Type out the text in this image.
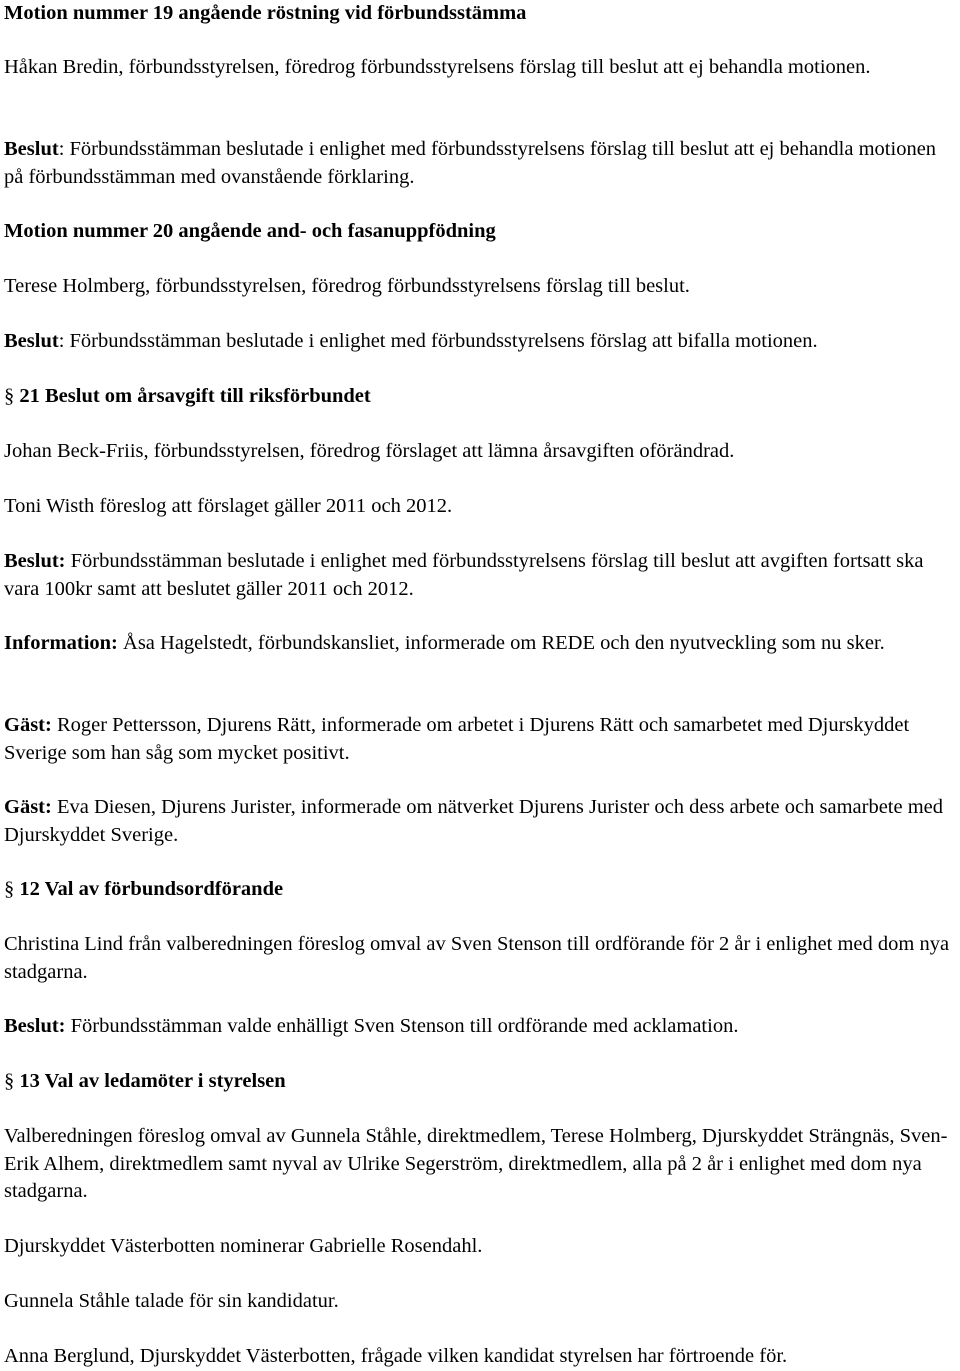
Motion nummer 19 angående röstning vid förbundsstämma

Håkan Bredin, förbundsstyrelsen, föredrog förbundsstyrelsens förslag till beslut att ej behandla motionen.

Beslut: Förbundsstämman beslutade i enlighet med förbundsstyrelsens förslag till beslut att ej behandla motionen på förbundsstämman med ovanstående förklaring.

Motion nummer 20 angående and- och fasanuppfödning

Terese Holmberg, förbundsstyrelsen, föredrog förbundsstyrelsens förslag till beslut.

Beslut: Förbundsstämman beslutade i enlighet med förbundsstyrelsens förslag att bifalla motionen.

§ 21 Beslut om årsavgift till riksförbundet

Johan Beck-Friis, förbundsstyrelsen, föredrog förslaget att lämna årsavgiften oförändrad.

Toni Wisth föreslog att förslaget gäller 2011 och 2012.

Beslut: Förbundsstämman beslutade i enlighet med förbundsstyrelsens förslag till beslut att avgiften fortsatt ska vara 100kr samt att beslutet gäller 2011 och 2012.

Information: Åsa Hagelstedt, förbundskansliet, informerade om REDE och den nyutveckling som nu sker.

Gäst: Roger Pettersson, Djurens Rätt, informerade om arbetet i Djurens Rätt och samarbetet med Djurskyddet Sverige som han såg som mycket positivt.

Gäst: Eva Diesen, Djurens Jurister, informerade om nätverket Djurens Jurister och dess arbete och samarbete med Djurskyddet Sverige.

§ 12 Val av förbundsordförande

Christina Lind från valberedningen föreslog omval av Sven Stenson till ordförande för 2 år i enlighet med dom nya stadgarna.

Beslut: Förbundsstämman valde enhälligt Sven Stenson till ordförande med acklamation.

§ 13 Val av ledamöter i styrelsen

Valberedningen föreslog omval av Gunnela Ståhle, direktmedlem, Terese Holmberg, Djurskyddet Strängnäs, Sven-Erik Alhem, direktmedlem samt nyval av Ulrike Segerström, direktmedlem, alla på 2 år i enlighet med dom nya stadgarna.

Djurskyddet Västerbotten nominerar Gabrielle Rosendahl.

Gunnela Ståhle talade för sin kandidatur.

Anna Berglund, Djurskyddet Västerbotten, frågade vilken kandidat styrelsen har förtroende för.
